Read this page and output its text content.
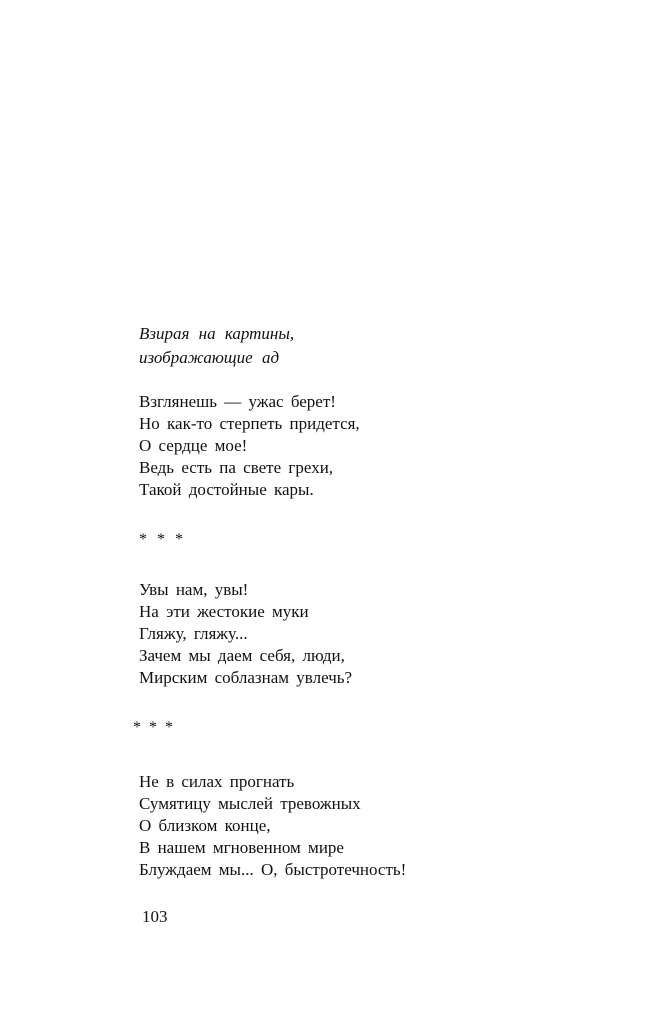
Взирая на картины,
изображающие ад
Взглянешь — ужас берет!
Но как-то стерпеть придется,
О сердце мое!
Ведь есть па свете грехи,
Такой достойные кары.
* * *
Увы нам, увы!
На эти жестокие муки
Гляжу, гляжу...
Зачем мы даем себя, люди,
Мирским соблазнам увлечь?
* * *
Не в силах прогнать
Сумятицу мыслей тревожных
О близком конце,
В нашем мгновенном мире
Блуждаем мы... О, быстротечность!
103
